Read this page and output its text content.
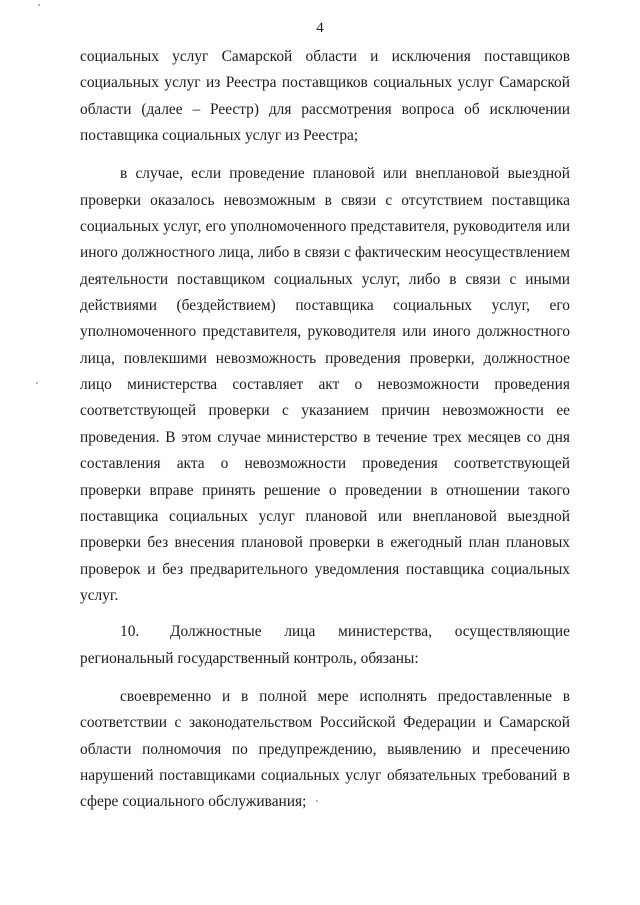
4

социальных услуг Самарской области и исключения поставщиков социальных услуг из Реестра поставщиков социальных услуг Самарской области (далее – Реестр) для рассмотрения вопроса об исключении поставщика социальных услуг из Реестра;

в случае, если проведение плановой или внеплановой выездной проверки оказалось невозможным в связи с отсутствием поставщика социальных услуг, его уполномоченного представителя, руководителя или иного должностного лица, либо в связи с фактическим неосуществлением деятельности поставщиком социальных услуг, либо в связи с иными действиями (бездействием) поставщика социальных услуг, его уполномоченного представителя, руководителя или иного должностного лица, повлекшими невозможность проведения проверки, должностное лицо министерства составляет акт о невозможности проведения соответствующей проверки с указанием причин невозможности ее проведения. В этом случае министерство в течение трех месяцев со дня составления акта о невозможности проведения соответствующей проверки вправе принять решение о проведении в отношении такого поставщика социальных услуг плановой или внеплановой выездной проверки без внесения плановой проверки в ежегодный план плановых проверок и без предварительного уведомления поставщика социальных услуг.

10. Должностные лица министерства, осуществляющие региональный государственный контроль, обязаны:

своевременно и в полной мере исполнять предоставленные в соответствии с законодательством Российской Федерации и Самарской области полномочия по предупреждению, выявлению и пресечению нарушений поставщиками социальных услуг обязательных требований в сфере социального обслуживания;
